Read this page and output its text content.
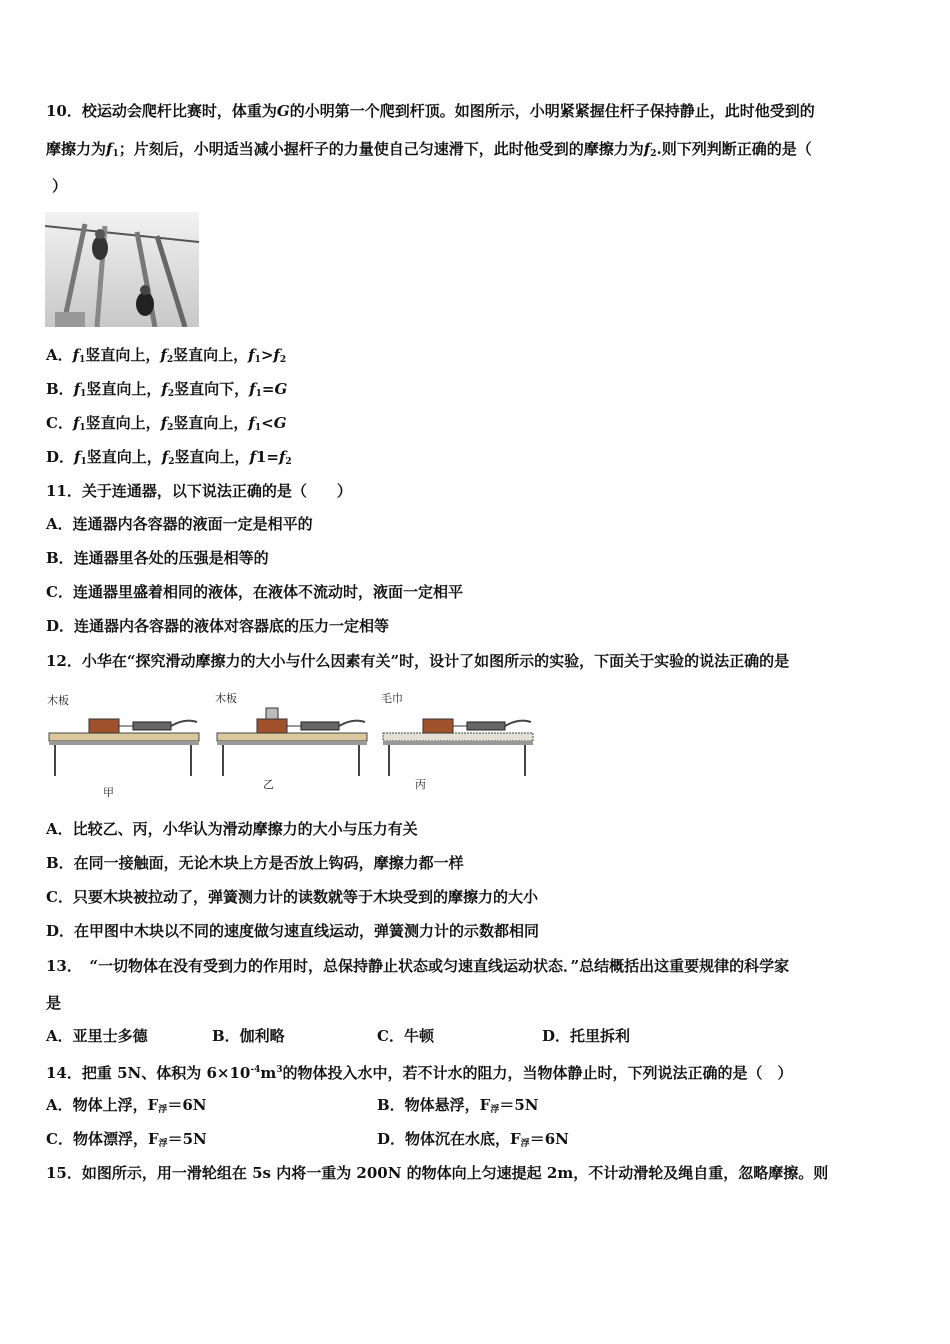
10．校运动会爬杆比赛时，体重为G的小明第一个爬到杆顶。如图所示，小明紧紧握住杆子保持静止，此时他受到的
摩擦力为$f_1$；片刻后，小明适当减小握杆子的力量使自己匀速滑下，此时他受到的摩擦力为$f_2$.则下列判断正确的是（
）
A．$f_1$竖直向上，$f_2$竖直向上，$f_1>f_2$
B．$f_1$竖直向上，$f_2$竖直向下，$f_1=G$
C．$f_1$竖直向上，$f_2$竖直向上，$f_1<G$
D．$f_1$竖直向上，$f_2$竖直向上，$f1=f_2$
11．关于连通器，以下说法正确的是（　　）
A．连通器内各容器的液面一定是相平的
B．连通器里各处的压强是相等的
C．连通器里盛着相同的液体，在液体不流动时，液面一定相平
D．连通器内各容器的液体对容器底的压力一定相等
12．小华在“探究滑动摩擦力的大小与什么因素有关”时，设计了如图所示的实验，下面关于实验的说法正确的是
木板
甲
木板
乙
毛巾
丙
A．比较乙、丙，小华认为滑动摩擦力的大小与压力有关
B．在同一接触面，无论木块上方是否放上钩码，摩擦力都一样
C．只要木块被拉动了，弹簧测力计的读数就等于木块受到的摩擦力的大小
D．在甲图中木块以不同的速度做匀速直线运动，弹簧测力计的示数都相同
13．　“一切物体在没有受到力的作用时，总保持静止状态或匀速直线运动状态．”总结概括出这重要规律的科学家
是
A．亚里士多德	B．伽利略	C．牛顿	D．托里拆利
14．把重 5N、体积为 $6\times 10^{-4}m^3$的物体投入水中，若不计水的阻力，当物体静止时，下列说法正确的是（　）
A．物体上浮，$F_浮=6N$	B．物体悬浮，$F_浮=5N$
C．物体漂浮，$F_浮=5N$	D．物体沉在水底，$F_浮=6N$
15．如图所示，用一滑轮组在 5s 内将一重为 200N 的物体向上匀速提起 2m，不计动滑轮及绳自重，忽略摩擦。则
